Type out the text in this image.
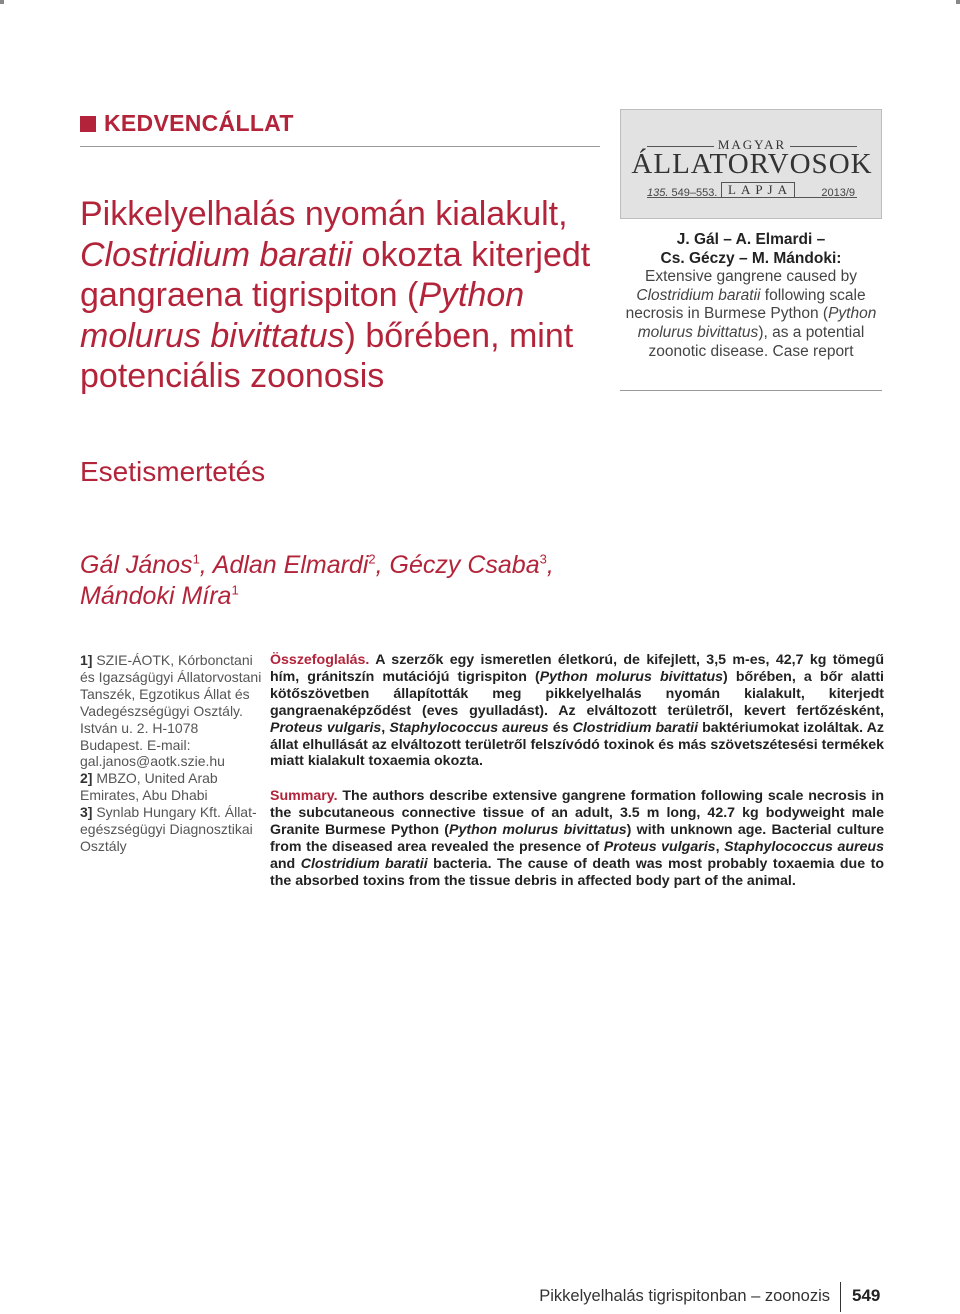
KEDVENCÁLLAT
Pikkelyelhalás nyomán kialakult,
Clostridium baratii okozta kiterjedt gangraena tigrispiton (Python molurus bivittatus) bőrében, mint potenciális zoonosis
Esetismertetés
Gál János$^1$, Adlan Elmardi$^2$, Géczy Csaba$^3$,
Mándoki Míra$^1$
MAGYAR
ÁLLATORVOSOK
135. 549–553. LAPJA	2013/9
J. Gál – A. Elmardi –
Cs. Géczy – M. Mándoki:
Extensive gangrene caused by
Clostridium baratii following scale necrosis in Burmese Python (Python molurus bivittatus), as a potential zoonotic disease. Case report

1] SZIE-ÁOTK, Kórbonctani és Igazságügyi Állatorvostani Tanszék, Egzotikus Állat és Vadegészségügyi Osztály. István u. 2. H-1078 Budapest. E-mail: gal.janos@aotk.szie.hu

2] MBZO, United Arab Emirates, Abu Dhabi

3] Synlab Hungary Kft. Állat-egészségügyi Diagnosztikai Osztály

Összefoglalás. A szerzők egy ismeretlen életkorú, de kifejlett, 3,5 m-es, 42,7 kg tömegű hím, gránitszín mutációjú tigrispiton (Python molurus bivittatus) bőrében, a bőr alatti kötőszövetben állapították meg pikkelyelhalás nyomán kialakult, kiterjedt gangraenaképződést (eves gyulladást). Az elváltozott területről, kevert fertőzésként, Proteus vulgaris, Staphylococcus aureus és Clostridium baratii baktériumokat izoláltak. Az állat elhullását az elváltozott területről felszívódó toxinok és más szövetszétesési termékek miatt kialakult toxaemia okozta.

Summary. The authors describe extensive gangrene formation following scale necrosis in the subcutaneous connective tissue of an adult, 3.5 m long, 42.7 kg bodyweight male Granite Burmese Python (Python molurus bivittatus) with unknown age. Bacterial culture from the diseased area revealed the presence of Proteus vulgaris, Staphylococcus aureus and Clostridium baratii bacteria. The cause of death was most probably toxaemia due to the absorbed toxins from the tissue debris in affected body part of the animal.

Pikkelyelhalás tigrispitonban – zoonozis 549
